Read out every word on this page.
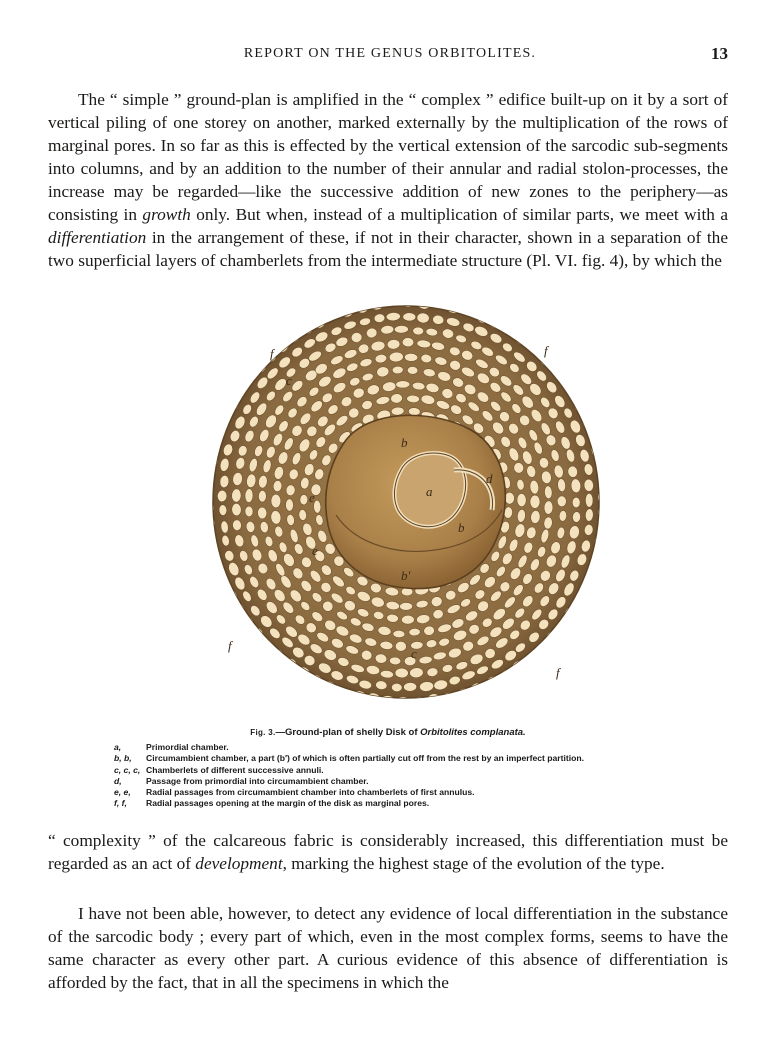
REPORT ON THE GENUS ORBITOLITES.	13

The “ simple ” ground-plan is amplified in the “ complex ” edifice built-up on it by a sort of vertical piling of one storey on another, marked externally by the multiplication of the rows of marginal pores. In so far as this is effected by the vertical extension of the sarcodic sub-segments into columns, and by an addition to the number of their annular and radial stolon-processes, the increase may be regarded—like the successive addition of new zones to the periphery—as consisting in growth only. But when, instead of a multiplication of similar parts, we meet with a differentiation in the arrangement of these, if not in their character, shown in a separation of the two superficial layers of chamberlets from the intermediate structure (Pl. VI. fig. 4), by which the

a
b
b
b′
d
e
e
c
c
f	f
f
f
Fig. 3.—Ground-plan of shelly Disk of Orbitolites complanata.
a,	Primordial chamber.
b, b,	Circumambient chamber, a part (b′) of which is often partially cut off from the rest by an imperfect partition.
c, c, c, Chamberlets of different successive annuli.
d,	Passage from primordial into circumambient chamber.
e, e,	Radial passages from circumambient chamber into chamberlets of first annulus.
f, f,	Radial passages opening at the margin of the disk as marginal pores.

“ complexity ” of the calcareous fabric is considerably increased, this differentiation must be regarded as an act of development, marking the highest stage of the evolution of the type.

I have not been able, however, to detect any evidence of local differentiation in the substance of the sarcodic body ; every part of which, even in the most complex forms, seems to have the same character as every other part. A curious evidence of this absence of differentiation is afforded by the fact, that in all the specimens in which the
